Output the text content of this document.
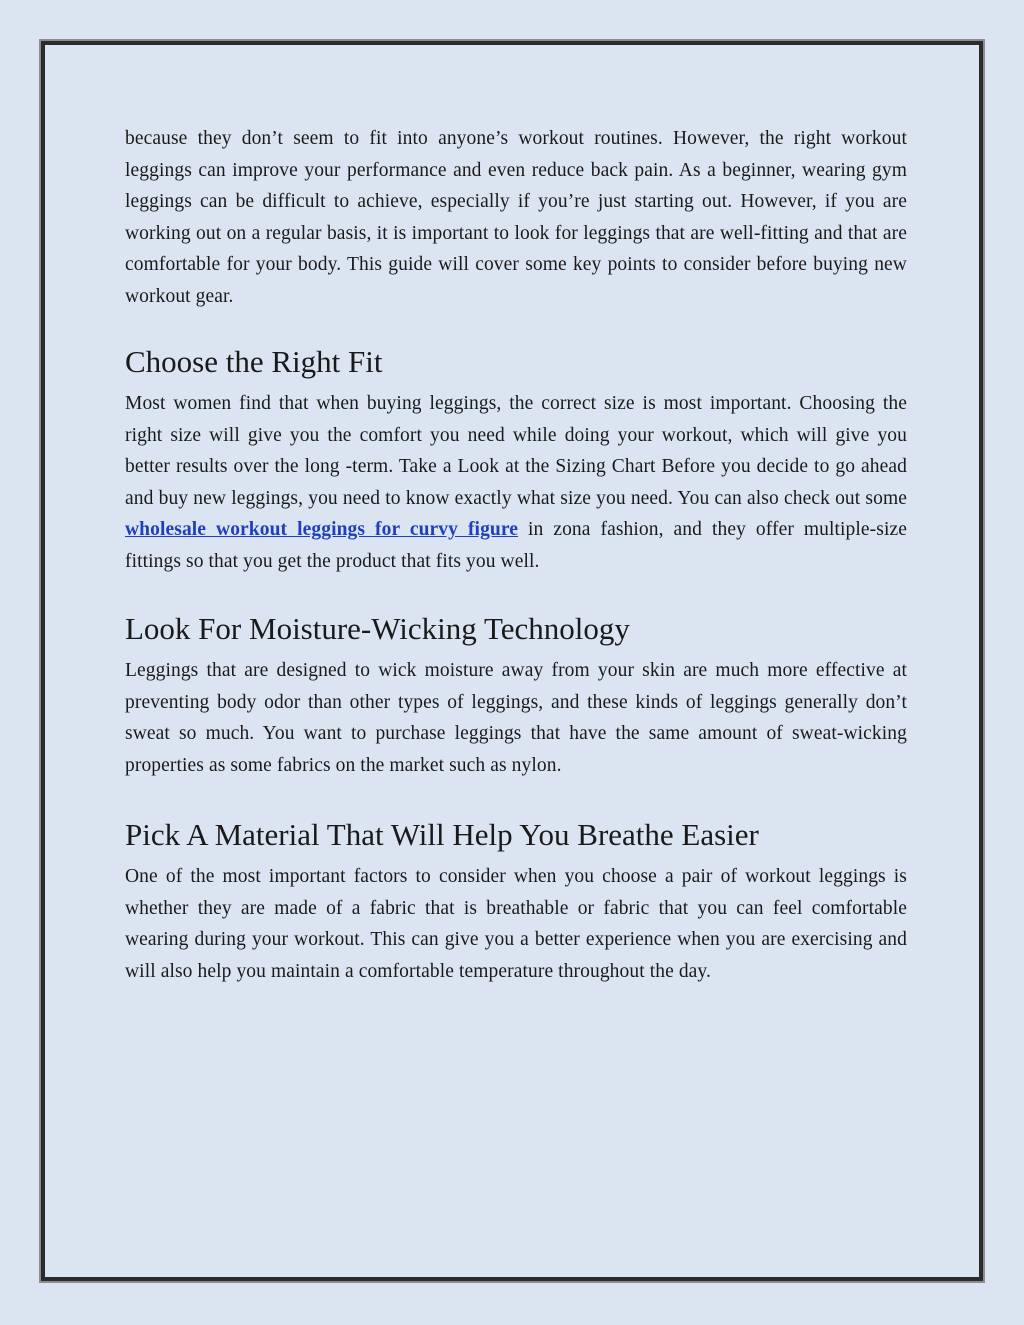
because they don’t seem to fit into anyone’s workout routines. However, the right workout leggings can improve your performance and even reduce back pain. As a beginner, wearing gym leggings can be difficult to achieve, especially if you’re just starting out. However, if you are working out on a regular basis, it is important to look for leggings that are well-fitting and that are comfortable for your body. This guide will cover some key points to consider before buying new workout gear.

Choose the Right Fit

Most women find that when buying leggings, the correct size is most important. Choosing the right size will give you the comfort you need while doing your workout, which will give you better results over the long -term. Take a Look at the Sizing Chart Before you decide to go ahead and buy new leggings, you need to know exactly what size you need. You can also check out some wholesale workout leggings for curvy figure in zona fashion, and they offer multiple-size fittings so that you get the product that fits you well.

Look For Moisture-Wicking Technology

Leggings that are designed to wick moisture away from your skin are much more effective at preventing body odor than other types of leggings, and these kinds of leggings generally don’t sweat so much. You want to purchase leggings that have the same amount of sweat-wicking properties as some fabrics on the market such as nylon.

Pick A Material That Will Help You Breathe Easier

One of the most important factors to consider when you choose a pair of workout leggings is whether they are made of a fabric that is breathable or fabric that you can feel comfortable wearing during your workout. This can give you a better experience when you are exercising and will also help you maintain a comfortable temperature throughout the day.
